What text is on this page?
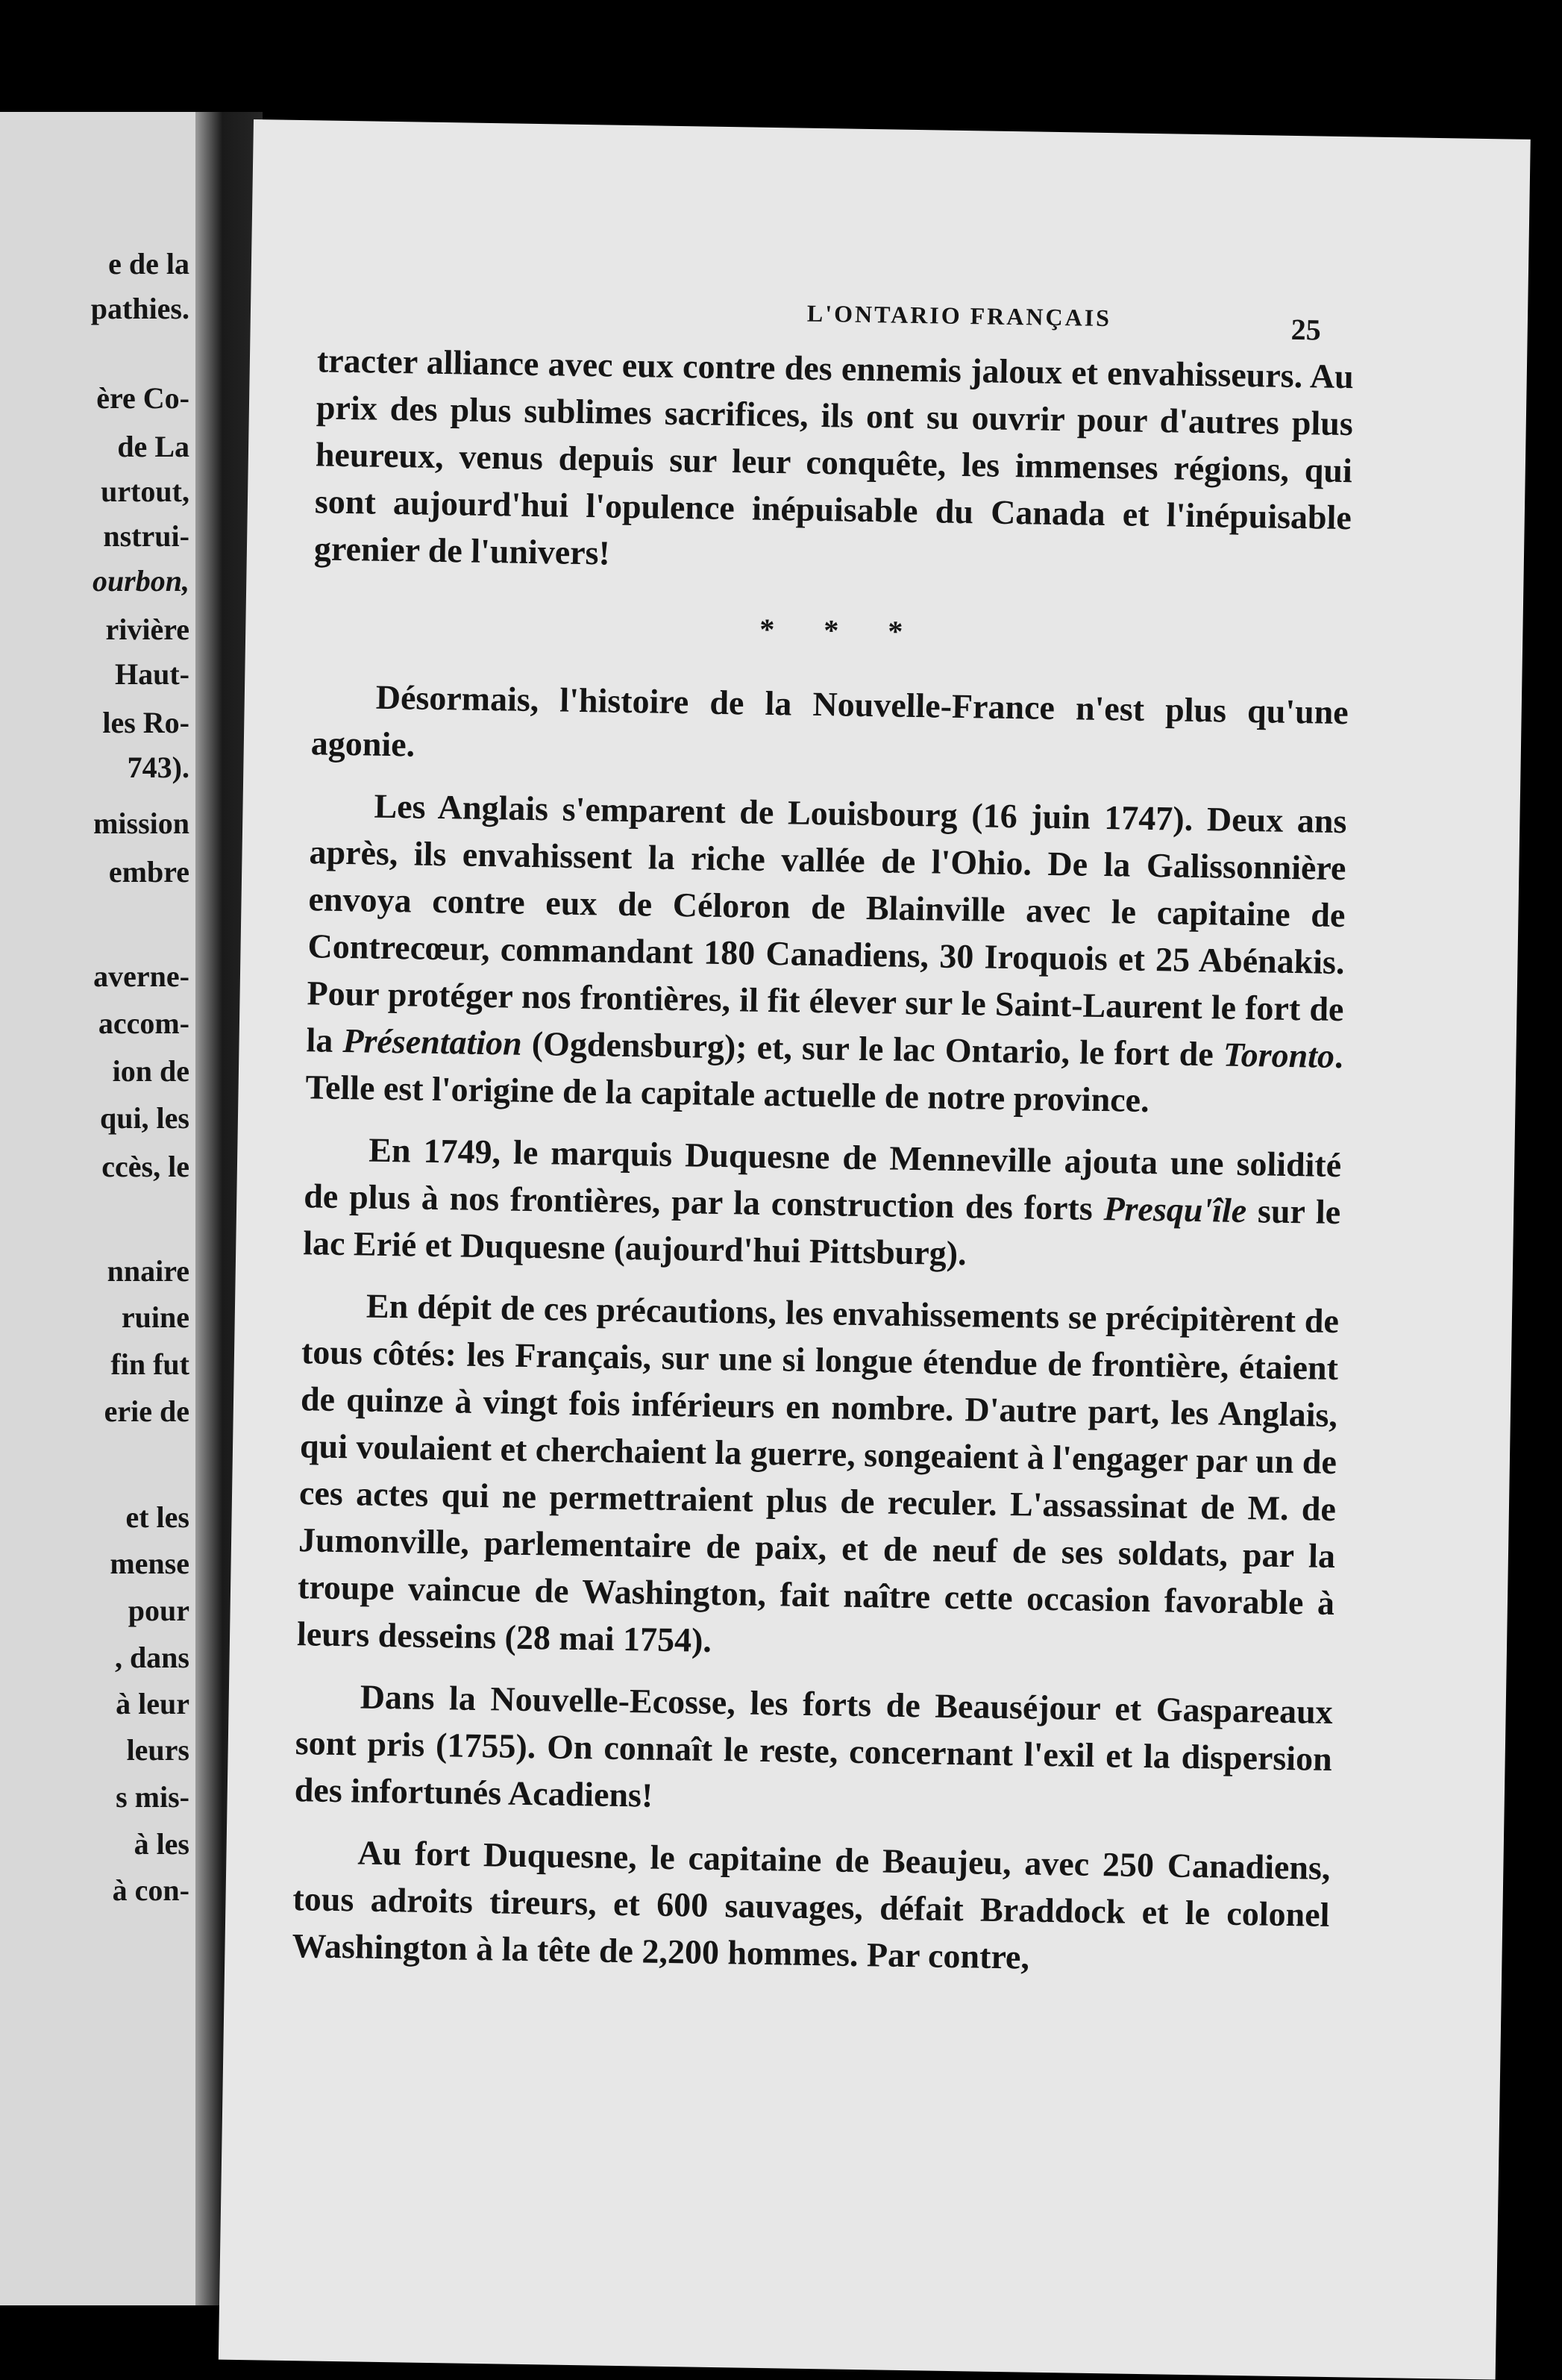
e de la
pathies.
ère Co-
de La
urtout,
nstrui-
ourbon,
rivière
Haut-
les Ro-
743).
mission
embre
averne-
accom-
ion de
qui, les
ccès, le
nnaire
ruine
fin fut
erie de
et les
mense
pour
, dans
à leur
leurs
s mis-
à les
à con-
L'ONTARIO FRANÇAIS	25

tracter alliance avec eux contre des ennemis jaloux et envahisseurs. Au prix des plus sublimes sacrifices, ils ont su ouvrir pour d'autres plus heureux, venus depuis sur leur conquête, les immenses régions, qui sont aujourd'hui l'opulence inépuisable du Canada et l'inépuisable grenier de l'univers!

* * *

Désormais, l'histoire de la Nouvelle-France n'est plus qu'une agonie.

Les Anglais s'emparent de Louisbourg (16 juin 1747). Deux ans après, ils envahissent la riche vallée de l'Ohio. De la Galissonnière envoya contre eux de Céloron de Blainville avec le capitaine de Contrecœur, commandant 180 Canadiens, 30 Iroquois et 25 Abénakis. Pour protéger nos frontières, il fit élever sur le Saint-Laurent le fort de la Présentation (Ogdensburg); et, sur le lac Ontario, le fort de Toronto. Telle est l'origine de la capitale actuelle de notre province.

En 1749, le marquis Duquesne de Menneville ajouta une solidité de plus à nos frontières, par la construction des forts Presqu'île sur le lac Erié et Duquesne (aujourd'hui Pittsburg).

En dépit de ces précautions, les envahissements se précipitèrent de tous côtés: les Français, sur une si longue étendue de frontière, étaient de quinze à vingt fois inférieurs en nombre. D'autre part, les Anglais, qui voulaient et cherchaient la guerre, songeaient à l'engager par un de ces actes qui ne permettraient plus de reculer. L'assassinat de M. de Jumonville, parlementaire de paix, et de neuf de ses soldats, par la troupe vaincue de Washington, fait naître cette occasion favorable à leurs desseins (28 mai 1754).

Dans la Nouvelle-Ecosse, les forts de Beauséjour et Gaspareaux sont pris (1755). On connaît le reste, concernant l'exil et la dispersion des infortunés Acadiens!

Au fort Duquesne, le capitaine de Beaujeu, avec 250 Canadiens, tous adroits tireurs, et 600 sauvages, défait Braddock et le colonel Washington à la tête de 2,200 hommes. Par contre,
